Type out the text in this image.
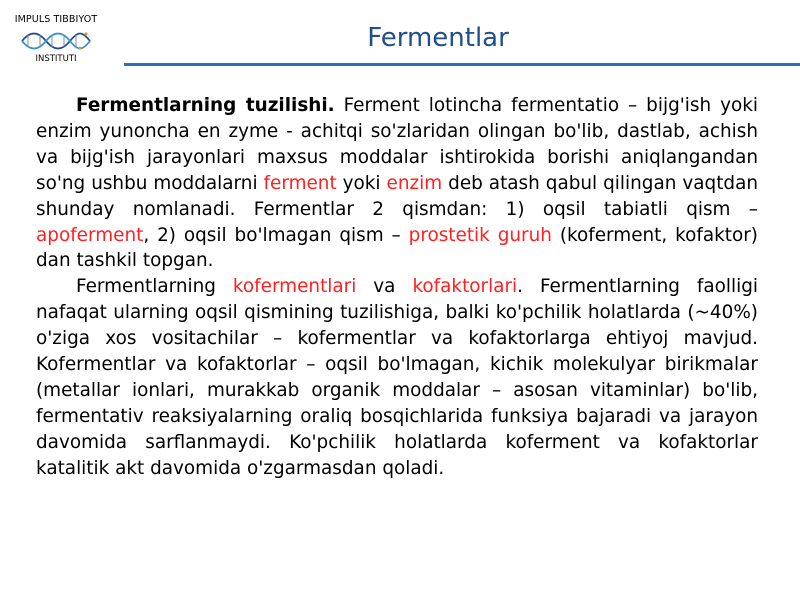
IMPULS TIBBIYOT
INSTITUTI
Fermentlar

Fermentlarning tuzilishi. Ferment lotincha fermentatio – bijg'ish yoki enzim yunoncha en zyme - achitqi so'zlaridan olingan bo'lib, dastlab, achish va bijg'ish jarayonlari maxsus moddalar ishtirokida borishi aniqlangandan so'ng ushbu moddalarni ferment yoki enzim deb atash qabul qilingan vaqtdan shunday nomlanadi. Fermentlar 2 qismdan: 1) oqsil tabiatli qism – apoferment, 2) oqsil bo'lmagan qism – prostetik guruh (koferment, kofaktor) dan tashkil topgan.

Fermentlarning kofermentlari va kofaktorlari. Fermentlarning faolligi nafaqat ularning oqsil qismining tuzilishiga, balki ko'pchilik holatlarda (~40%) o'ziga xos vositachilar – kofermentlar va kofaktorlarga ehtiyoj mavjud. Kofermentlar va kofaktorlar – oqsil bo'lmagan, kichik molekulyar birikmalar (metallar ionlari, murakkab organik moddalar – asosan vitaminlar) bo'lib, fermentativ reaksiyalarning oraliq bosqichlarida funksiya bajaradi va jarayon davomida sarflanmaydi. Ko'pchilik holatlarda koferment va kofaktorlar katalitik akt davomida o'zgarmasdan qoladi.
